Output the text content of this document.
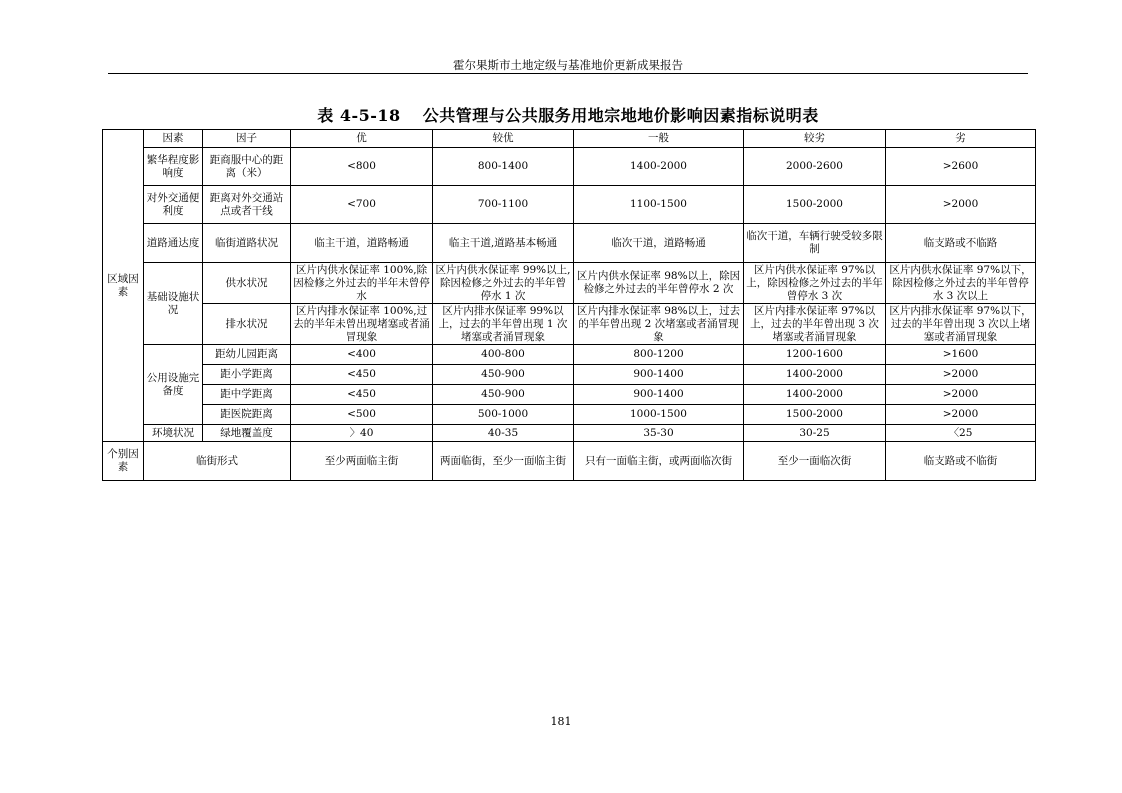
霍尔果斯市土地定级与基准地价更新成果报告
表 4-5-18 公共管理与公共服务用地宗地地价影响因素指标说明表
区域因素	因素	因子	优	较优	一般	较劣	劣
	繁华程度影响度	距商服中心的距离（米）	<800	800-1400	1400-2000	2000-2600	>2600
	对外交通便利度	距离对外交通站点或者干线	<700	700-1100	1100-1500	1500-2000	>2000
	道路通达度	临街道路状况	临主干道，道路畅通	临主干道,道路基本畅通	临次干道，道路畅通	临次干道，车辆行驶受较多限制	临支路或不临路
	基础设施状况	供水状况	区片内供水保证率 100%,除因检修之外过去的半年未曾停水	区片内供水保证率 99%以上,除因检修之外过去的半年曾停水 1 次	区片内供水保证率 98%以上，除因检修之外过去的半年曾停水 2 次	区片内供水保证率 97%以上，除因检修之外过去的半年曾停水 3 次	区片内供水保证率 97%以下，除因检修之外过去的半年曾停水 3 次以上
		排水状况	区片内排水保证率 100%,过去的半年未曾出现堵塞或者涌冒现象	区片内排水保证率 99%以上，过去的半年曾出现 1 次堵塞或者涌冒现象	区片内排水保证率 98%以上，过去的半年曾出现 2 次堵塞或者涌冒现象	区片内排水保证率 97%以上，过去的半年曾出现 3 次堵塞或者涌冒现象	区片内排水保证率 97%以下，过去的半年曾出现 3 次以上堵塞或者涌冒现象
	公用设施完备度	距幼儿园距离	<400	400-800	800-1200	1200-1600	>1600
		距小学距离	<450	450-900	900-1400	1400-2000	>2000
		距中学距离	<450	450-900	900-1400	1400-2000	>2000
		距医院距离	<500	500-1000	1000-1500	1500-2000	>2000
	环境状况	绿地覆盖度	〉40	40-35	35-30	30-25	〈25
个别因素	临街形式		至少两面临主街	两面临街，至少一面临主街	只有一面临主街，或两面临次街	至少一面临次街	临支路或不临街
181
